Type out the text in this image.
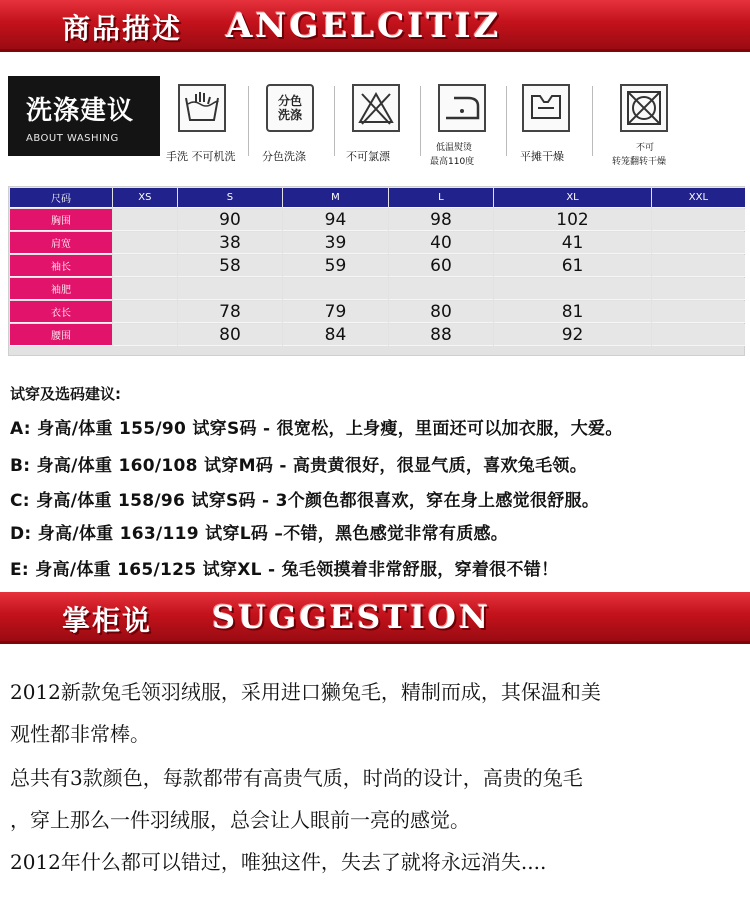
商品描述 ANGELCITIZ
洗涤建议
ABOUT WASHING
手洗 不可机洗
分色
洗涤
分色洗涤	不可氯漂
低温熨烫
最高110度	平摊干燥
不可
转笼翻转干燥
尺码	XS	S	M	L	XL	XXL
胸围		90	94	98	102	
肩宽		38	39	40	41	
袖长		58	59	60	61	
袖肥						
衣长		78	79	80	81	
腰围		80	84	88	92	
试穿及选码建议:
A: 身高/体重 155/90 试穿S码 - 很宽松，上身瘦，里面还可以加衣服，大爱。
B: 身高/体重 160/108 试穿M码 - 高贵黄很好，很显气质，喜欢兔毛领。
C: 身高/体重 158/96 试穿S码 - 3个颜色都很喜欢，穿在身上感觉很舒服。
D: 身高/体重 163/119 试穿L码 –不错，黑色感觉非常有质感。
E: 身高/体重 165/125 试穿XL - 兔毛领摸着非常舒服，穿着很不错！
掌柜说 SUGGESTION
2012新款兔毛领羽绒服，采用进口獭兔毛，精制而成，其保温和美
观性都非常棒。
总共有3款颜色，每款都带有高贵气质，时尚的设计，高贵的兔毛
，穿上那么一件羽绒服，总会让人眼前一亮的感觉。
2012年什么都可以错过，唯独这件，失去了就将永远消失....
